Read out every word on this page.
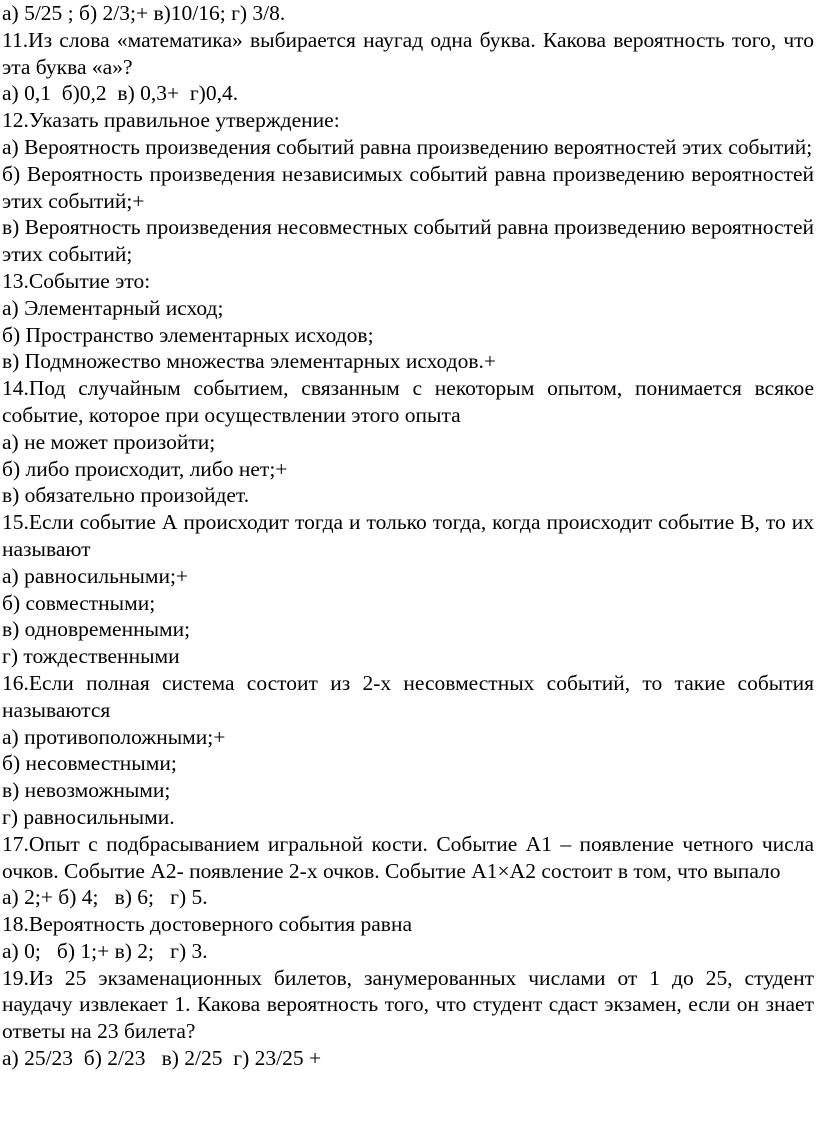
а) 5/25 ; б) 2/3;+ в)10/16; г) 3/8.

11.Из слова «математика» выбирается наугад одна буква. Какова вероятность того, что эта буква «а»?

а) 0,1  б)0,2  в) 0,3+  г)0,4.

12.Указать правильное утверждение:

а) Вероятность произведения событий равна произведению вероятностей этих событий;

б) Вероятность произведения независимых событий равна произведению вероятностей этих событий;+

в) Вероятность произведения несовместных событий равна произведению вероятностей этих событий;

13.Событие это:

а) Элементарный исход;

б) Пространство элементарных исходов;

в) Подмножество множества элементарных исходов.+

14.Под случайным событием, связанным с некоторым опытом, понимается всякое событие, которое при осуществлении этого опыта

а) не может произойти;

б) либо происходит, либо нет;+

в) обязательно произойдет.

15.Если событие А происходит тогда и только тогда, когда происходит событие В, то их называют

а) равносильными;+

б) совместными;

в) одновременными;

г) тождественными

16.Если полная система состоит из 2-х несовместных событий, то такие события называются

а) противоположными;+

б) несовместными;

в) невозможными;

г) равносильными.

17.Опыт с подбрасыванием игральной кости. Событие А1 – появление четного числа очков. Событие А2- появление 2-х очков. Событие А1×А2 состоит в том, что выпало

а) 2;+ б) 4;   в) 6;   г) 5.

18.Вероятность достоверного события равна

а) 0;   б) 1;+ в) 2;   г) 3.

19.Из 25 экзаменационных билетов, занумерованных числами от 1 до 25, студент наудачу извлекает 1. Какова вероятность того, что студент сдаст экзамен, если он знает ответы на 23 билета?

а) 25/23  б) 2/23   в) 2/25  г) 23/25 +
